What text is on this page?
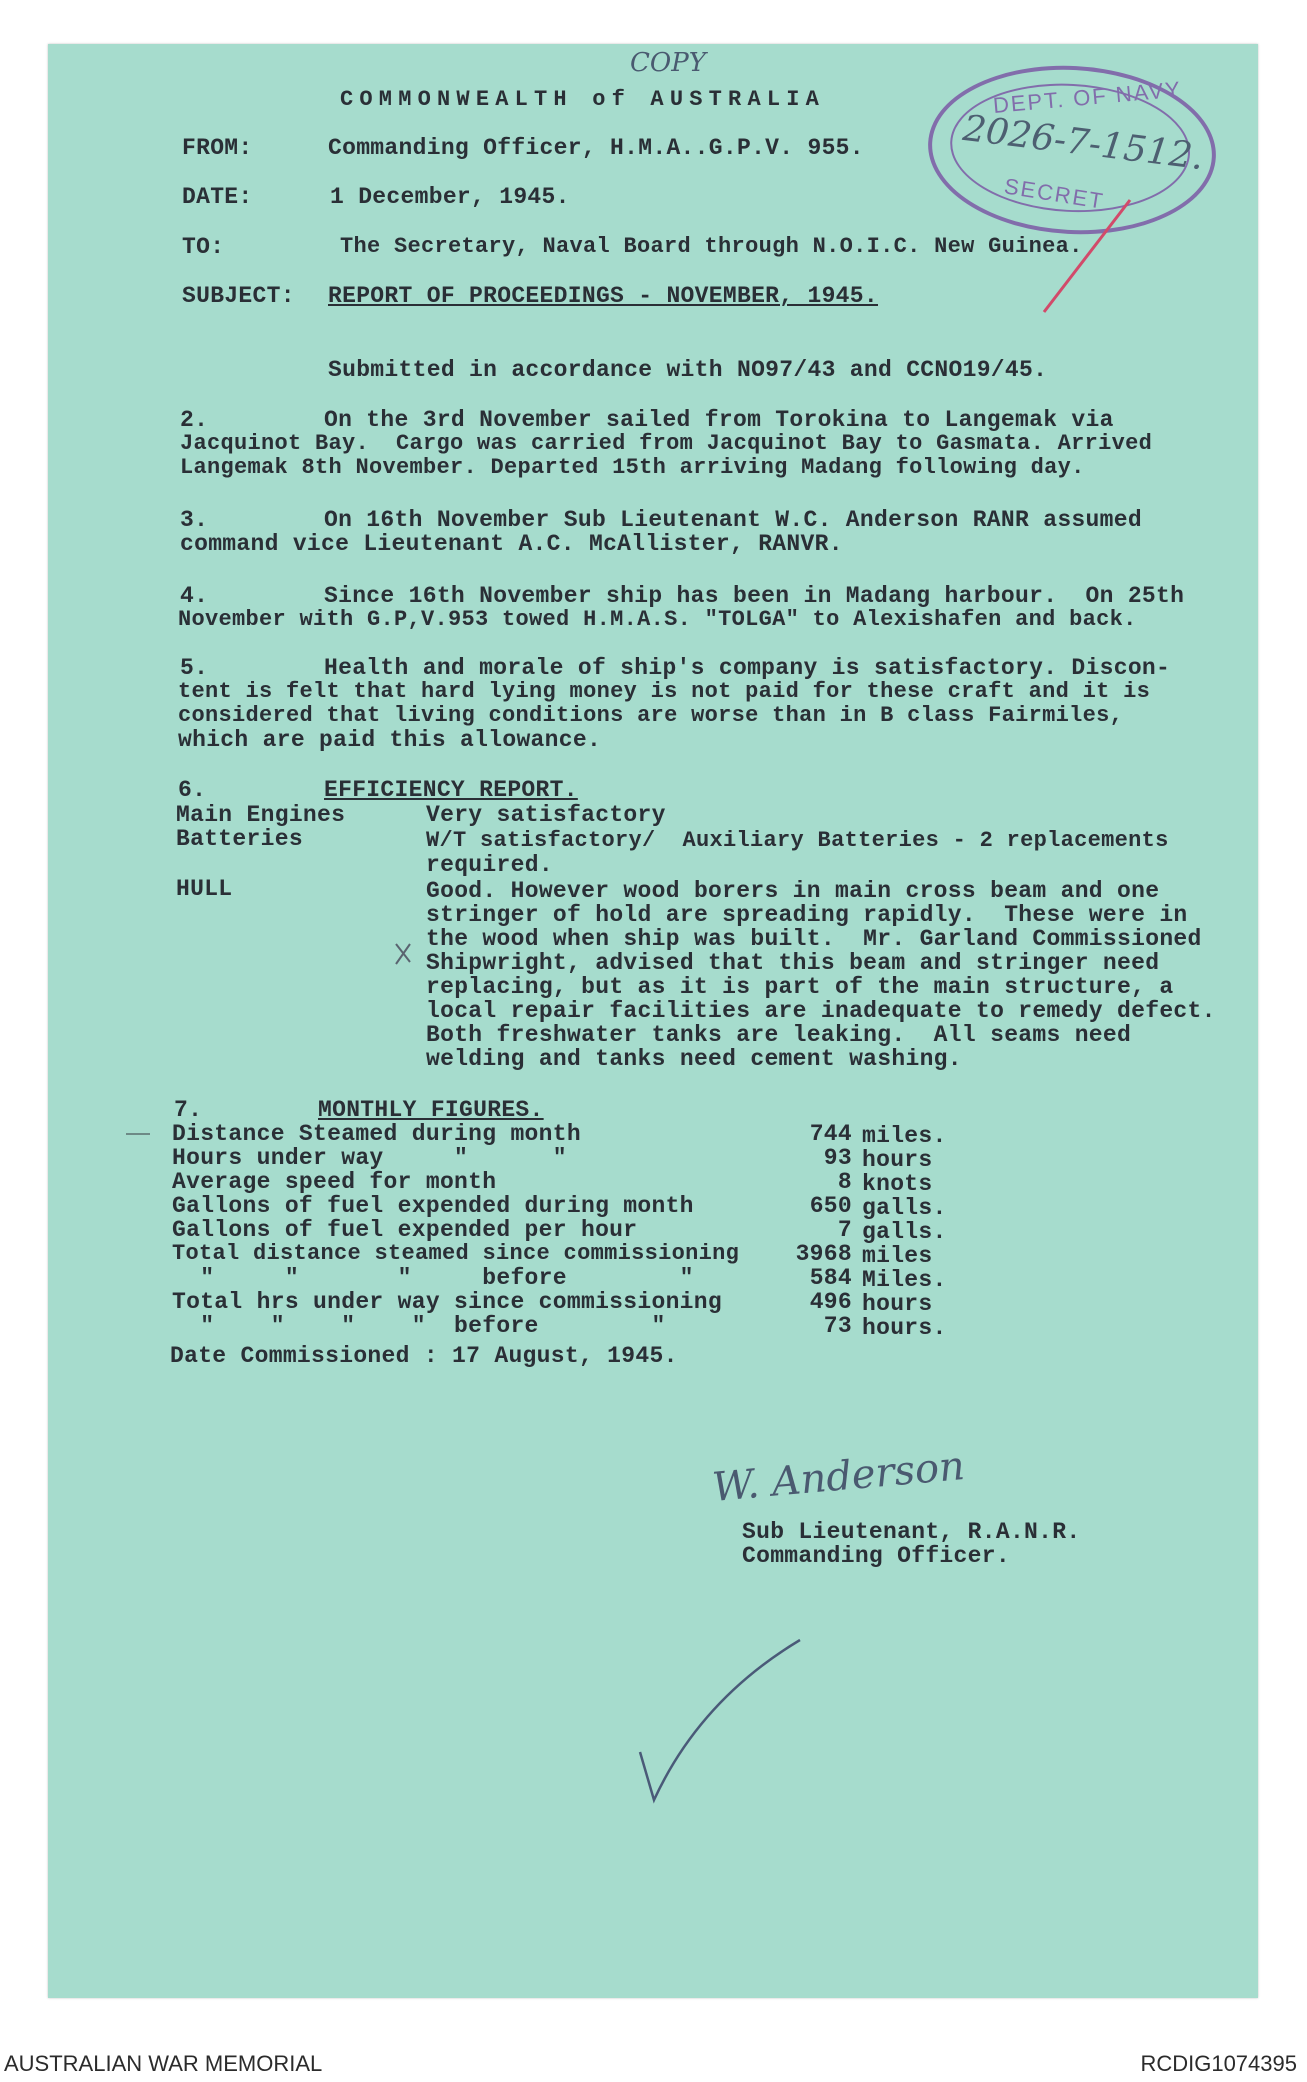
COPY
COMMONWEALTH of AUSTRALIA	DEPT. OF NAVY
2026-7-1512.
SECRET
FROM:	Commanding Officer, H.M.A..G.P.V. 955.
DATE:	1 December, 1945.
TO:	The Secretary, Naval Board through N.O.I.C. New Guinea.
SUBJECT: REPORT OF PROCEEDINGS - NOVEMBER, 1945.
Submitted in accordance with NO97/43 and CCNO19/45.
2.	On the 3rd November sailed from Torokina to Langemak via
Jacquinot Bay.  Cargo was carried from Jacquinot Bay to Gasmata. Arrived
Langemak 8th November. Departed 15th arriving Madang following day.
3.	On 16th November Sub Lieutenant W.C. Anderson RANR assumed
command vice Lieutenant A.C. McAllister, RANVR.
4.	Since 16th November ship has been in Madang harbour.  On 25th
November with G.P,V.953 towed H.M.A.S. "TOLGA" to Alexishafen and back.
5.	Health and morale of ship's company is satisfactory. Discon-
tent is felt that hard lying money is not paid for these craft and it is
considered that living conditions are worse than in B class Fairmiles,
which are paid this allowance.
6.	EFFICIENCY REPORT.
Main Engines	Very satisfactory
Batteries	W/T satisfactory/  Auxiliary Batteries - 2 replacements
required.
HULL	Good. However wood borers in main cross beam and one
stringer of hold are spreading rapidly.  These were in
the wood when ship was built.  Mr. Garland Commissioned
Shipwright, advised that this beam and stringer need
replacing, but as it is part of the main structure, a
local repair facilities are inadequate to remedy defect.
Both freshwater tanks are leaking.  All seams need
welding and tanks need cement washing.
7.	MONTHLY FIGURES.
Distance Steamed during month	744 miles.
Hours under way     "      "	93 hours
Average speed for month	8 knots
Gallons of fuel expended during month	650 galls.
Gallons of fuel expended per hour	7 galls.
Total distance steamed since commissioning	3968 miles
"     "       "     before        "	584 Miles.
Total hrs under way since commissioning	496 hours
"    "    "    "  before        "	73 hours.
Date Commissioned : 17 August, 1945.
W. Anderson
Sub Lieutenant, R.A.N.R.
Commanding Officer.
AUSTRALIAN WAR MEMORIAL	RCDIG1074395
